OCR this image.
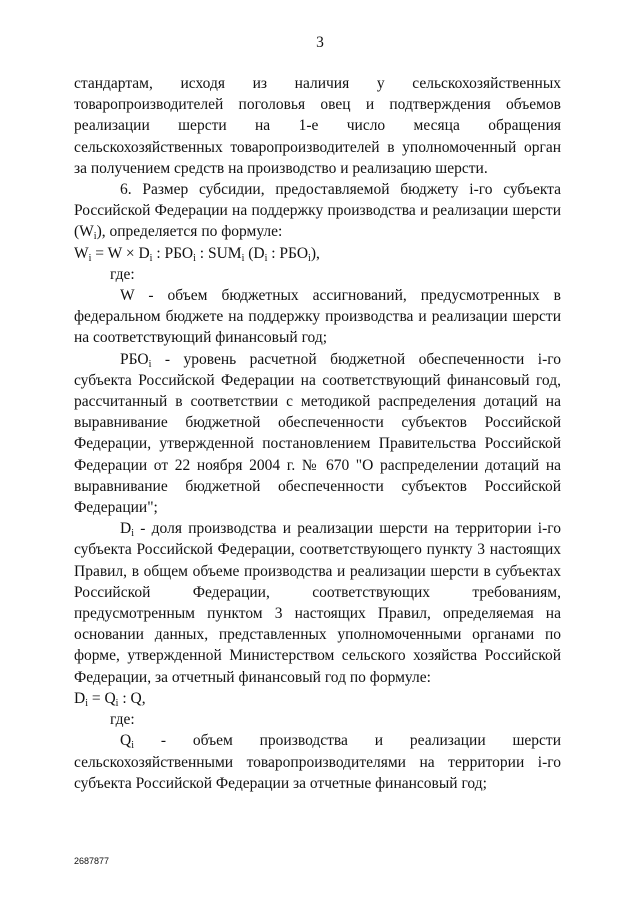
3

стандартам, исходя из наличия у сельскохозяйственных товаропроизводителей поголовья овец и подтверждения объемов реализации шерсти на 1-е число месяца обращения сельскохозяйственных товаропроизводителей в уполномоченный орган за получением средств на производство и реализацию шерсти.

6. Размер субсидии, предоставляемой бюджету i-го субъекта Российской Федерации на поддержку производства и реализации шерсти $(W_i)$, определяется по формуле:

$W_i = W \times D_i$ : $РБО_i$ : $SUM_i$ ($D_i$ : $РБО_i$),

где:

W - объем бюджетных ассигнований, предусмотренных в федеральном бюджете на поддержку производства и реализации шерсти на соответствующий финансовый год;

$РБО_i$ - уровень расчетной бюджетной обеспеченности i-го субъекта Российской Федерации на соответствующий финансовый год, рассчитанный в соответствии с методикой распределения дотаций на выравнивание бюджетной обеспеченности субъектов Российской Федерации, утвержденной постановлением Правительства Российской Федерации от 22 ноября 2004 г. № 670 "О распределении дотаций на выравнивание бюджетной обеспеченности субъектов Российской Федерации";

$D_i$ - доля производства и реализации шерсти на территории i-го субъекта Российской Федерации, соответствующего пункту 3 настоящих Правил, в общем объеме производства и реализации шерсти в субъектах Российской Федерации, соответствующих требованиям, предусмотренным пунктом 3 настоящих Правил, определяемая на основании данных, представленных уполномоченными органами по форме, утвержденной Министерством сельского хозяйства Российской Федерации, за отчетный финансовый год по формуле:

$D_i = Q_i$ : Q,

где:

$Q_i$ - объем производства и реализации шерсти сельскохозяйственными товаропроизводителями на территории i-го субъекта Российской Федерации за отчетные финансовый год;

2687877
